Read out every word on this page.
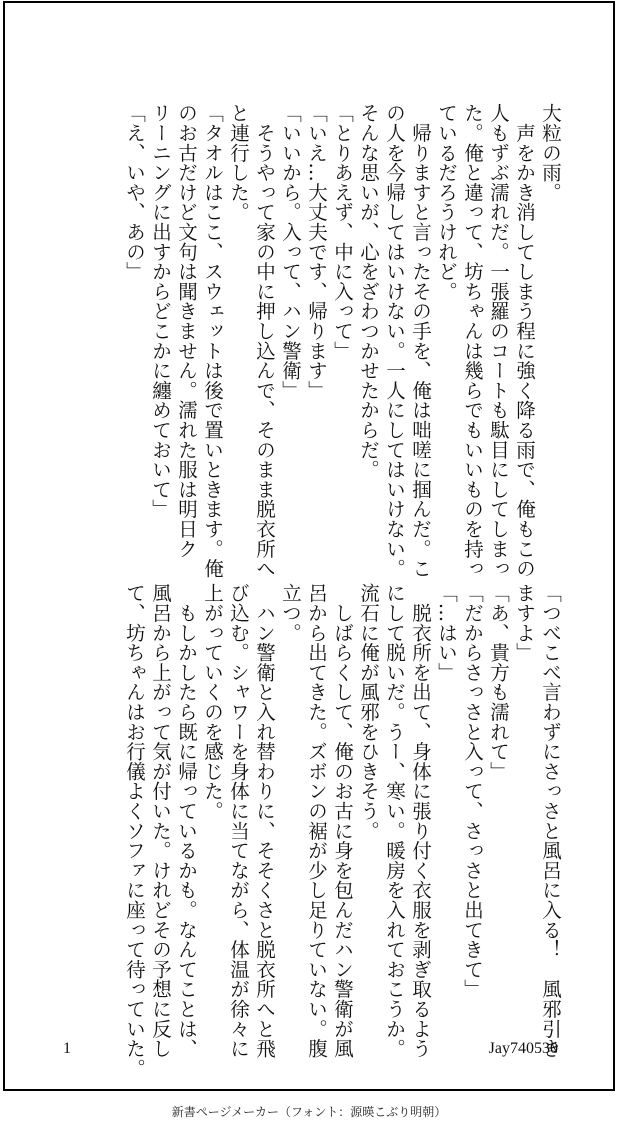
大粒の雨。
　声をかき消してしまう程に強く降る雨で、俺もこの
人もずぶ濡れだ。一張羅のコートも駄目にしてしまっ
た。俺と違って、坊ちゃんは幾らでもいいものを持っ
ているだろうけれど。
　帰りますと言ったその手を、俺は咄嗟に掴んだ。こ
の人を今帰してはいけない。一人にしてはいけない。
そんな思いが、心をざわつかせたからだ。
「とりあえず、中に入って」
「いえ…大丈夫です、帰ります」
「いいから。入って、ハン警衛」
　そうやって家の中に押し込んで、そのまま脱衣所へ
と連行した。
「タオルはここ、スウェットは後で置いときます。俺
のお古だけど文句は聞きません。濡れた服は明日ク
リーニングに出すからどこかに纏めておいて」
「え、いや、あの」

「つべこべ言わずにさっさと風呂に入る！　風邪引き
ますよ」
「あ、貴方も濡れて」
「だからさっさと入って、さっさと出てきて」
「…はい」
　脱衣所を出て、身体に張り付く衣服を剥ぎ取るよう
にして脱いだ。うー、寒い。暖房を入れておこうか。
流石に俺が風邪をひきそう。
　しばらくして、俺のお古に身を包んだハン警衛が風
呂から出てきた。ズボンの裾が少し足りていない。腹
立つ。
　ハン警衛と入れ替わりに、そそくさと脱衣所へと飛
び込む。シャワーを身体に当てながら、体温が徐々に
上がっていくのを感じた。
　もしかしたら既に帰っているかも。なんてことは、
風呂から上がって気が付いた。けれどその予想に反し
て、坊ちゃんはお行儀よくソファに座って待っていた。

1	Jay740530
新書ページメーカー（フォント：源暎こぶり明朝）
